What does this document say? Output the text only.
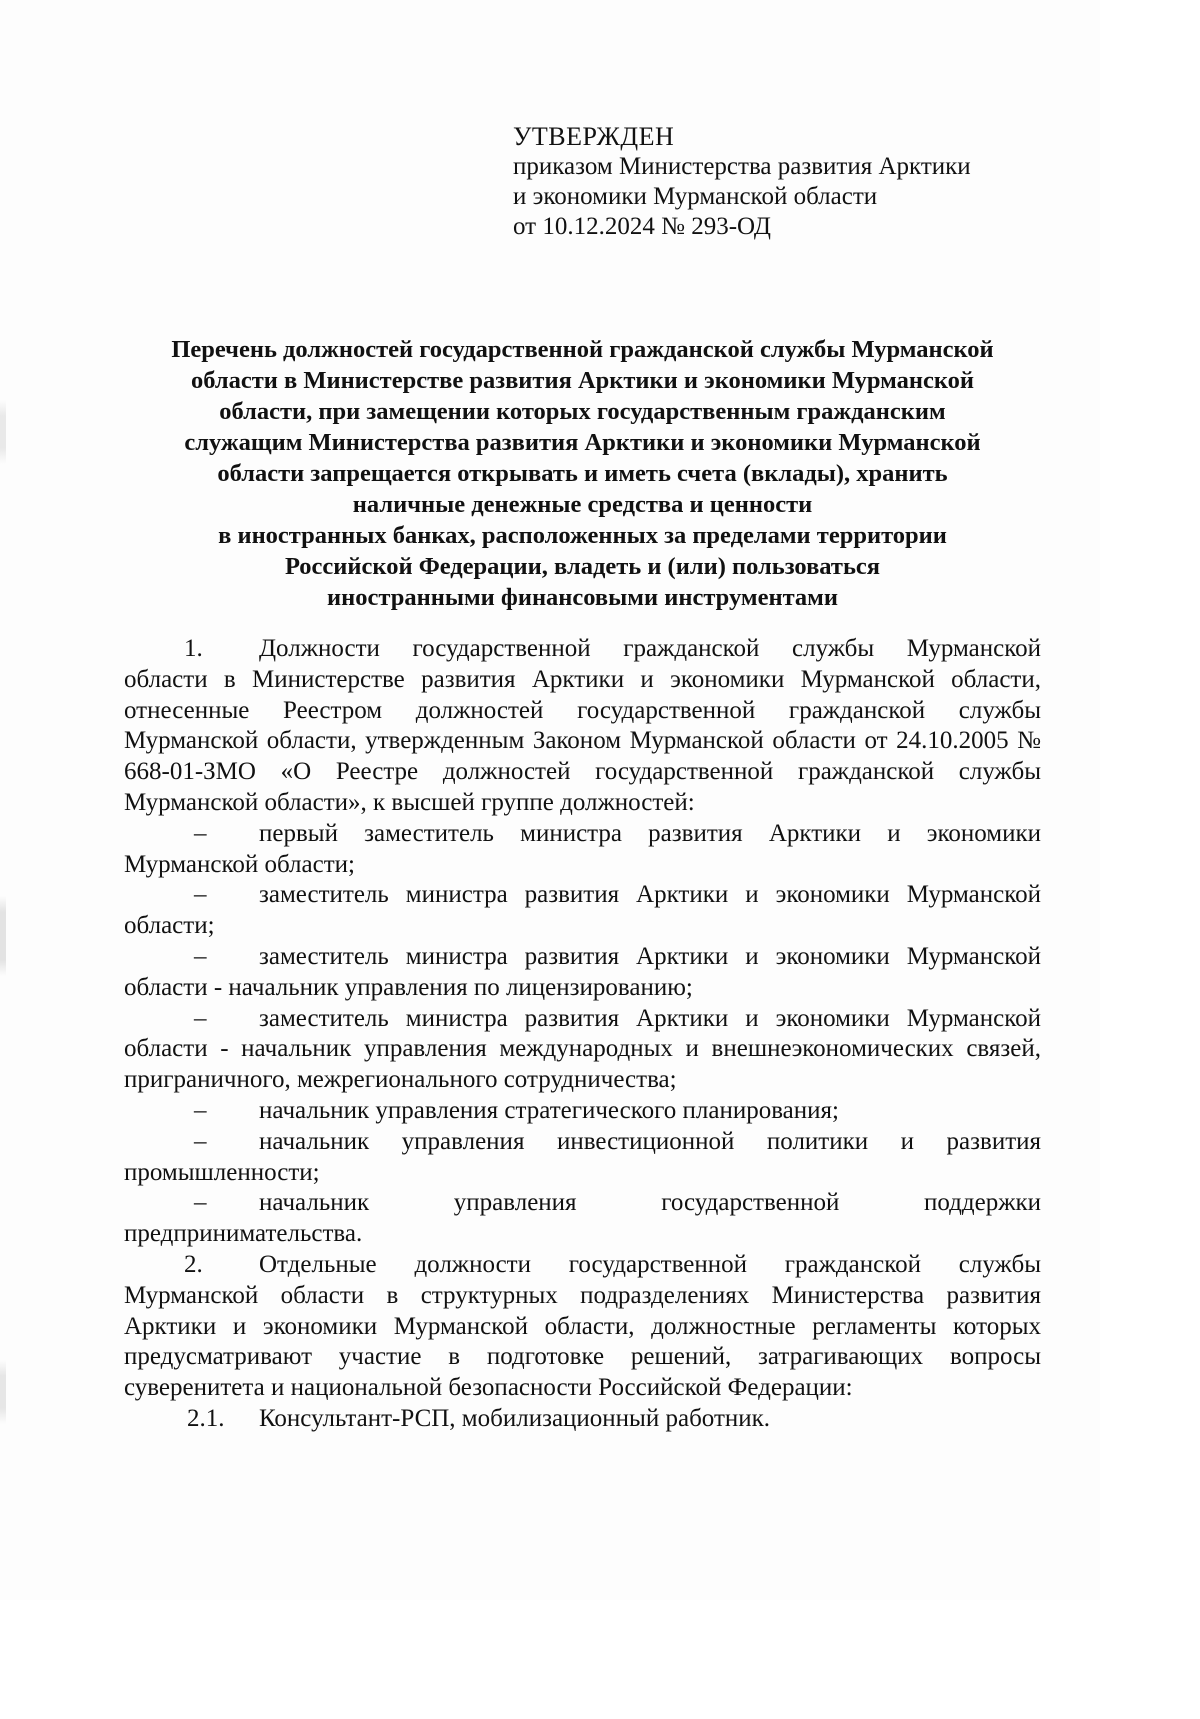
УТВЕРЖДЕН
приказом Министерства развития Арктики
и экономики Мурманской области
от 10.12.2024 № 293-ОД
Перечень должностей государственной гражданской службы Мурманской
области в Министерстве развития Арктики и экономики Мурманской
области, при замещении которых государственным гражданским
служащим Министерства развития Арктики и экономики Мурманской
области запрещается открывать и иметь счета (вклады), хранить
наличные денежные средства и ценности
в иностранных банках, расположенных за пределами территории
Российской Федерации, владеть и (или) пользоваться
иностранными финансовыми инструментами
1.	Должности государственной гражданской службы Мурманской

области в Министерстве развития Арктики и экономики Мурманской области, отнесенные Реестром должностей государственной гражданской службы Мурманской области, утвержденным Законом Мурманской области от 24.10.2005 № 668-01-ЗМО «О Реестре должностей государственной гражданской службы Мурманской области», к высшей группе должностей:

–	первый заместитель министра развития Арктики и экономики

Мурманской области;

–	заместитель министра развития Арктики и экономики Мурманской

области;

–	заместитель министра развития Арктики и экономики Мурманской

области - начальник управления по лицензированию;

–	заместитель министра развития Арктики и экономики Мурманской

области - начальник управления международных и внешнеэкономических связей, приграничного, межрегионального сотрудничества;

–	начальник управления стратегического планирования;
–	начальник управления инвестиционной политики и развития

промышленности;

–	начальник управления государственной поддержки

предпринимательства.

2.	Отдельные должности государственной гражданской службы

Мурманской области в структурных подразделениях Министерства развития Арктики и экономики Мурманской области, должностные регламенты которых предусматривают участие в подготовке решений, затрагивающих вопросы суверенитета и национальной безопасности Российской Федерации:

2.1.	Консультант-РСП, мобилизационный работник.
